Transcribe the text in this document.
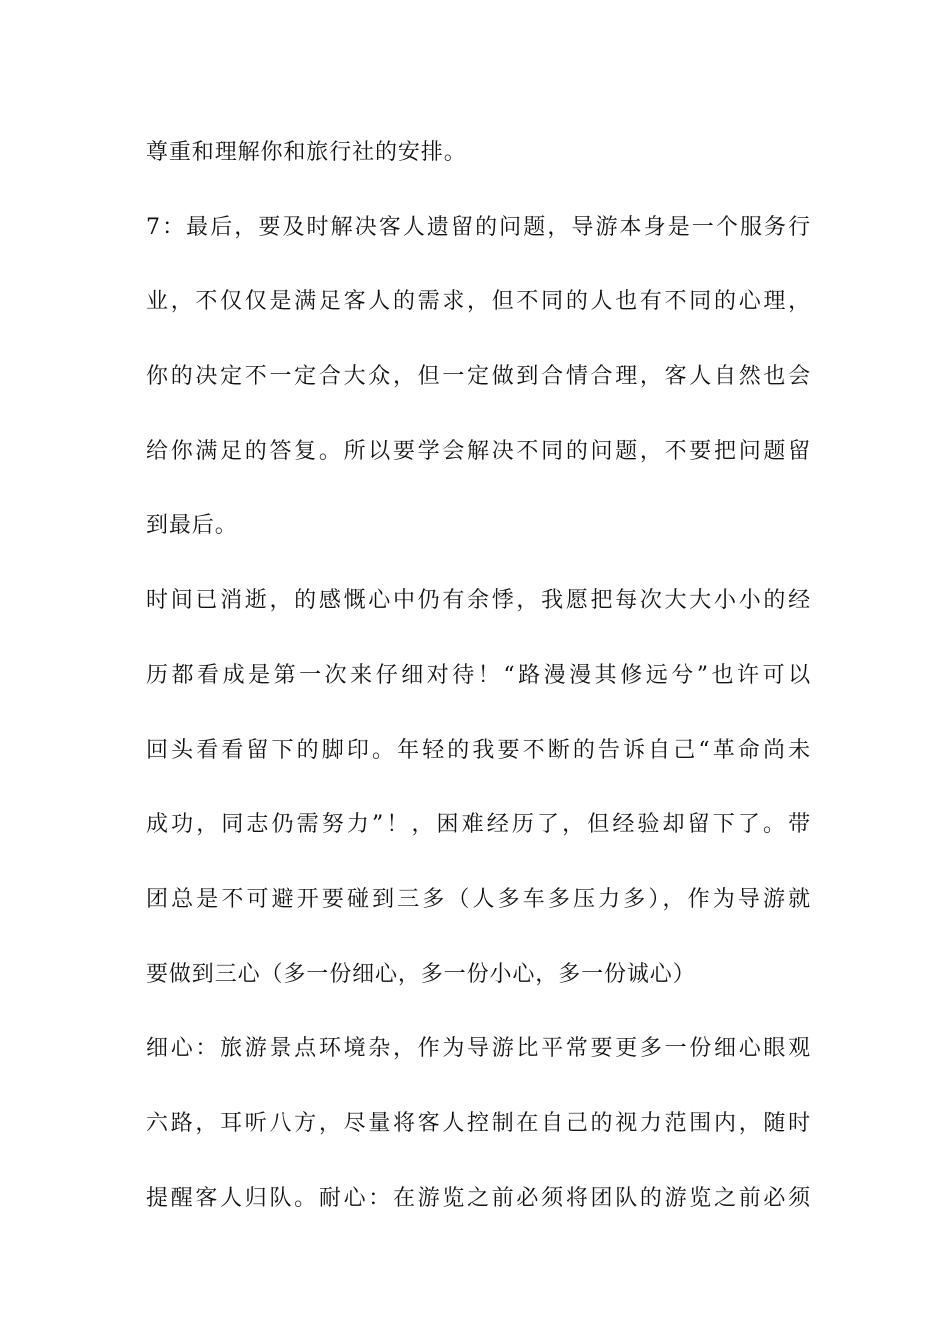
尊重和理解你和旅行社的安排。
7：最后，要及时解决客人遗留的问题，导游本身是一个服务行
业，不仅仅是满足客人的需求，但不同的人也有不同的心理，
你的决定不一定合大众，但一定做到合情合理，客人自然也会
给你满足的答复。所以要学会解决不同的问题，不要把问题留
到最后。
时间已消逝，的感慨心中仍有余悸，我愿把每次大大小小的经
历都看成是第一次来仔细对待！“路漫漫其修远兮”也许可以
回头看看留下的脚印。年轻的我要不断的告诉自己“革命尚未
成功，同志仍需努力”！，困难经历了，但经验却留下了。带
团总是不可避开要碰到三多（人多车多压力多），作为导游就
要做到三心（多一份细心，多一份小心，多一份诚心）
细心：旅游景点环境杂，作为导游比平常要更多一份细心眼观
六路，耳听八方，尽量将客人控制在自己的视力范围内，随时
提醒客人归队。耐心：在游览之前必须将团队的游览之前必须
